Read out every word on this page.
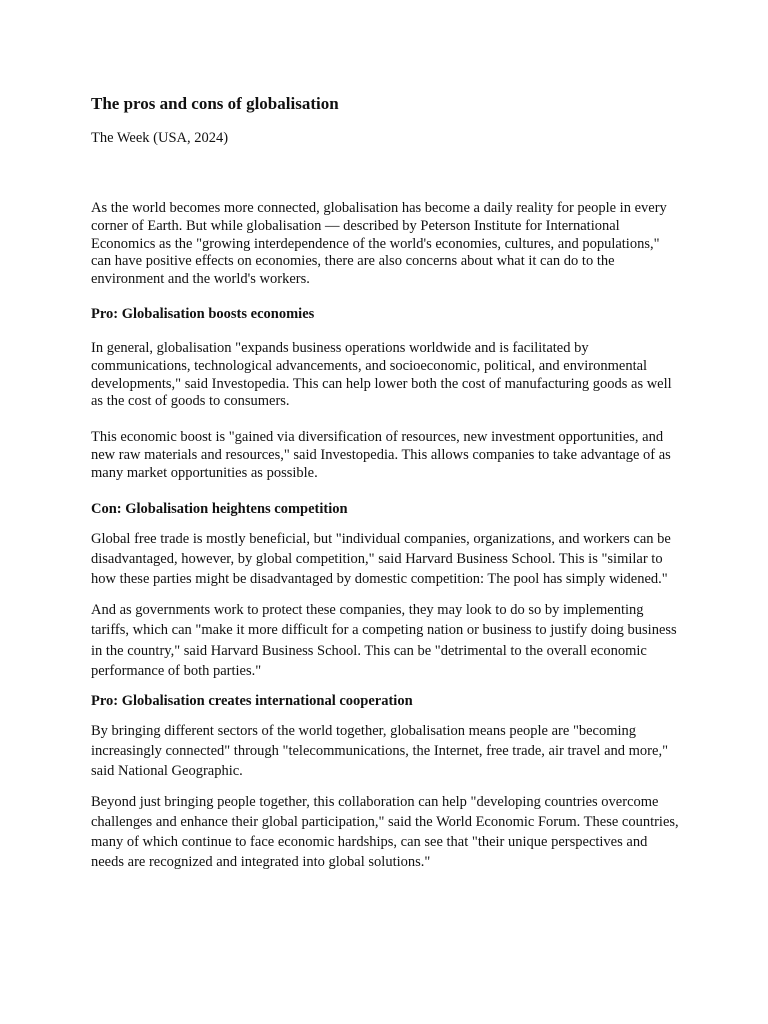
The pros and cons of globalisation

The Week (USA, 2024)

As the world becomes more connected, globalisation has become a daily reality for people in every corner of Earth. But while globalisation — described by Peterson Institute for International Economics as the "growing interdependence of the world's economies, cultures, and populations," can have positive effects on economies, there are also concerns about what it can do to the environment and the world's workers.

Pro: Globalisation boosts economies

In general, globalisation "expands business operations worldwide and is facilitated by communications, technological advancements, and socioeconomic, political, and environmental developments," said Investopedia. This can help lower both the cost of manufacturing goods as well as the cost of goods to consumers.

This economic boost is "gained via diversification of resources, new investment opportunities, and new raw materials and resources," said Investopedia. This allows companies to take advantage of as many market opportunities as possible.

Con: Globalisation heightens competition

Global free trade is mostly beneficial, but "individual companies, organizations, and workers can be disadvantaged, however, by global competition," said Harvard Business School. This is "similar to how these parties might be disadvantaged by domestic competition: The pool has simply widened."

And as governments work to protect these companies, they may look to do so by implementing tariffs, which can "make it more difficult for a competing nation or business to justify doing business in the country," said Harvard Business School. This can be "detrimental to the overall economic performance of both parties."

Pro: Globalisation creates international cooperation

By bringing different sectors of the world together, globalisation means people are "becoming increasingly connected" through "telecommunications, the Internet, free trade, air travel and more," said National Geographic.

Beyond just bringing people together, this collaboration can help "developing countries overcome challenges and enhance their global participation," said the World Economic Forum. These countries, many of which continue to face economic hardships, can see that "their unique perspectives and needs are recognized and integrated into global solutions."
